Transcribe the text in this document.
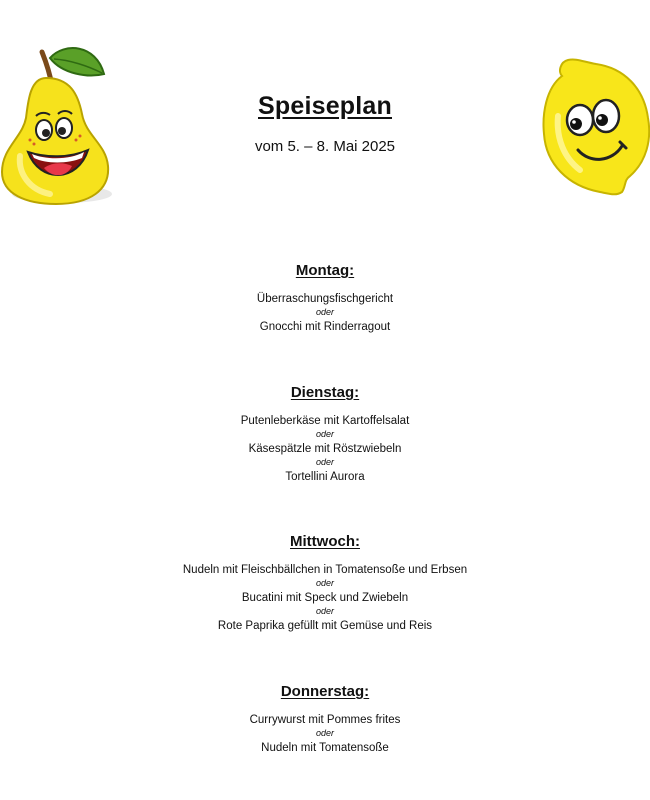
Speiseplan
vom 5. – 8. Mai 2025
Montag:
Überraschungsfischgericht
oder
Gnocchi mit Rinderragout
Dienstag:
Putenleberkäse mit Kartoffelsalat
oder
Käsespätzle mit Röstzwiebeln
oder
Tortellini Aurora
Mittwoch:
Nudeln mit Fleischbällchen in Tomatensoße und Erbsen
oder
Bucatini mit Speck und Zwiebeln
oder
Rote Paprika gefüllt mit Gemüse und Reis
Donnerstag:
Currywurst mit Pommes frites
oder
Nudeln mit Tomatensoße
